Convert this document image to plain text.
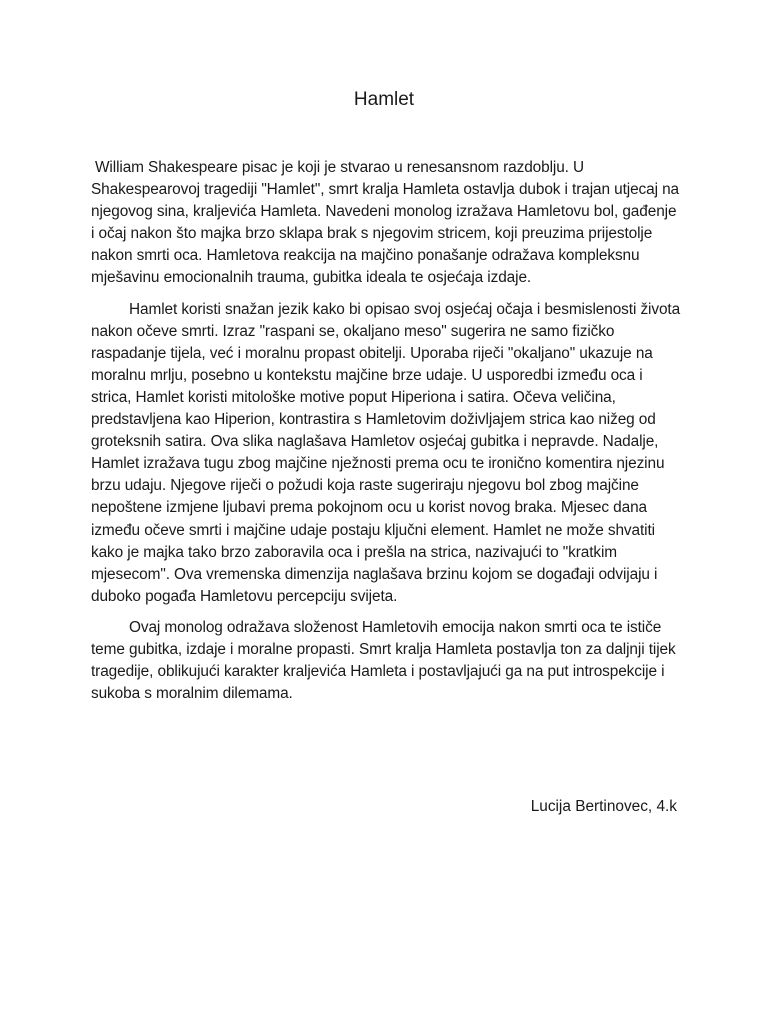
Hamlet

William Shakespeare pisac je koji je stvarao u renesansnom razdoblju. U Shakespearovoj tragediji "Hamlet", smrt kralja Hamleta ostavlja dubok i trajan utjecaj na njegovog sina, kraljevića Hamleta. Navedeni monolog izražava Hamletovu bol, gađenje i očaj nakon što majka brzo sklapa brak s njegovim stricem, koji preuzima prijestolje nakon smrti oca. Hamletova reakcija na majčino ponašanje odražava kompleksnu mješavinu emocionalnih trauma, gubitka ideala te osjećaja izdaje.

Hamlet koristi snažan jezik kako bi opisao svoj osjećaj očaja i besmislenosti života nakon očeve smrti. Izraz "raspani se, okaljano meso" sugerira ne samo fizičko raspadanje tijela, već i moralnu propast obitelji. Uporaba riječi "okaljano" ukazuje na moralnu mrlju, posebno u kontekstu majčine brze udaje. U usporedbi između oca i strica, Hamlet koristi mitološke motive poput Hiperiona i satira. Očeva veličina, predstavljena kao Hiperion, kontrastira s Hamletovim doživljajem strica kao nižeg od groteksnih satira. Ova slika naglašava Hamletov osjećaj gubitka i nepravde. Nadalje, Hamlet izražava tugu zbog majčine nježnosti prema ocu te ironično komentira njezinu brzu udaju. Njegove riječi o požudi koja raste sugeriraju njegovu bol zbog majčine nepoštene izmjene ljubavi prema pokojnom ocu u korist novog braka. Mjesec dana između očeve smrti i majčine udaje postaju ključni element. Hamlet ne može shvatiti kako je majka tako brzo zaboravila oca i prešla na strica, nazivajući to "kratkim mjesecom". Ova vremenska dimenzija naglašava brzinu kojom se događaji odvijaju i duboko pogađa Hamletovu percepciju svijeta.

Ovaj monolog odražava složenost Hamletovih emocija nakon smrti oca te ističe teme gubitka, izdaje i moralne propasti. Smrt kralja Hamleta postavlja ton za daljnji tijek tragedije, oblikujući karakter kraljevića Hamleta i postavljajući ga na put introspekcije i sukoba s moralnim dilemama.

Lucija Bertinovec, 4.k
